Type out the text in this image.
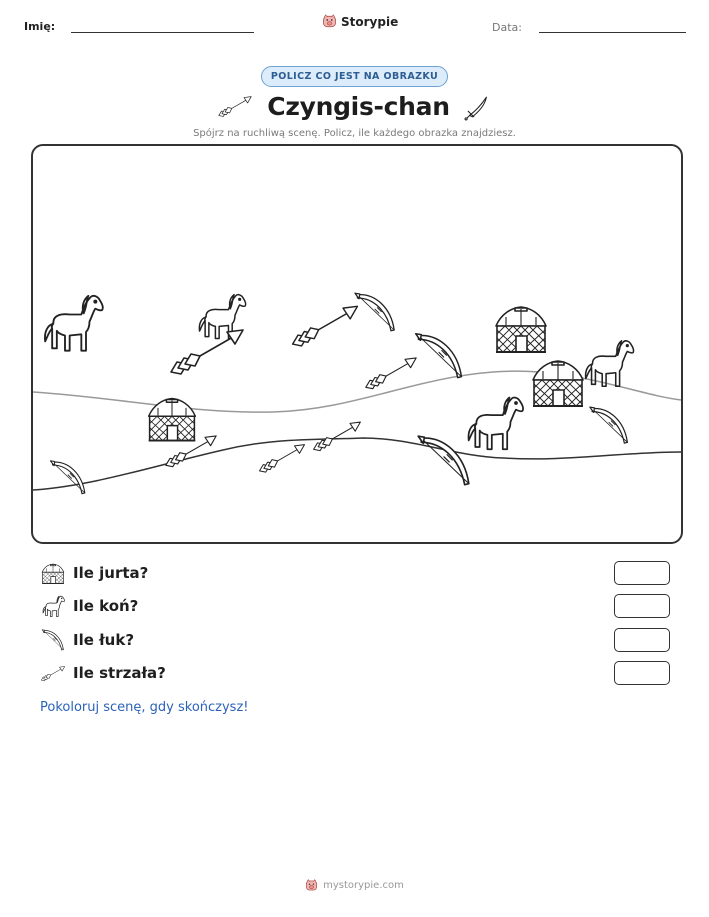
Imię:	Storypie	Data:
POLICZ CO JEST NA OBRAZKU
Czyngis-chan
Spójrz na ruchliwą scenę. Policz, ile każdego obrazka znajdziesz.
Ile jurta?
Ile koń?
Ile łuk?
Ile strzała?
Pokoloruj scenę, gdy skończysz!
mystorypie.com
